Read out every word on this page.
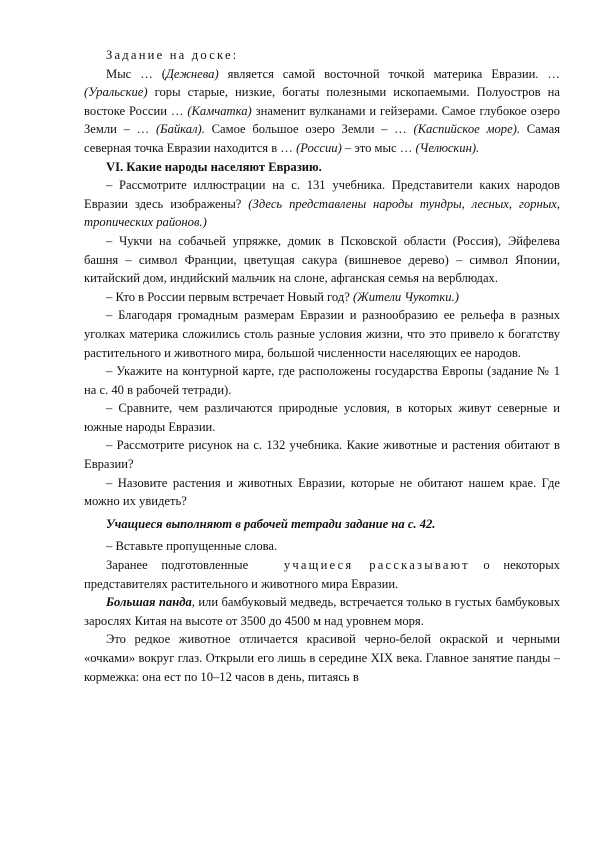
Задание на доске:

Мыс … (Дежнева) является самой восточной точкой материка Евразии. … (Уральские) горы старые, низкие, богаты полезными ископаемыми. Полуостров на востоке России … (Камчатка) знаменит вулканами и гейзерами. Самое глубокое озеро Земли – … (Байкал). Самое большое озеро Земли – … (Каспийское море). Самая северная точка Евразии находится в … (России) – это мыс … (Челюскин).

VI. Какие народы населяют Евразию.

– Рассмотрите иллюстрации на с. 131 учебника. Представители каких народов Евразии здесь изображены? (Здесь представлены народы тундры, лесных, горных, тропических районов.)

– Чукчи на собачьей упряжке, домик в Псковской области (Россия), Эйфелева башня – символ Франции, цветущая сакура (вишневое дерево) – символ Японии, китайский дом, индийский мальчик на слоне, афганская семья на верблюдах.

– Кто в России первым встречает Новый год? (Жители Чукотки.)

– Благодаря громадным размерам Евразии и разнообразию ее рельефа в разных уголках материка сложились столь разные условия жизни, что это привело к богатству растительного и животного мира, большой численности населяющих ее народов.

– Укажите на контурной карте, где расположены государства Европы (задание № 1 на с. 40 в рабочей тетради).

– Сравните, чем различаются природные условия, в которых живут северные и южные народы Евразии.

– Рассмотрите рисунок на с. 132 учебника. Какие животные и растения обитают в Евразии?

– Назовите растения и животных Евразии, которые не обитают нашем крае. Где можно их увидеть?

Учащиеся выполняют в рабочей тетради задание на с. 42.

– Вставьте пропущенные слова.

Заранее подготовленные учащиеся рассказывают о некоторых представителях растительного и животного мира Евразии.

Большая панда, или бамбуковый медведь, встречается только в густых бамбуковых зарослях Китая на высоте от 3500 до 4500 м над уровнем моря.

Это редкое животное отличается красивой черно-белой окраской и черными «очками» вокруг глаз. Открыли его лишь в середине XIX века. Главное занятие панды – кормежка: она ест по 10–12 часов в день, питаясь в
